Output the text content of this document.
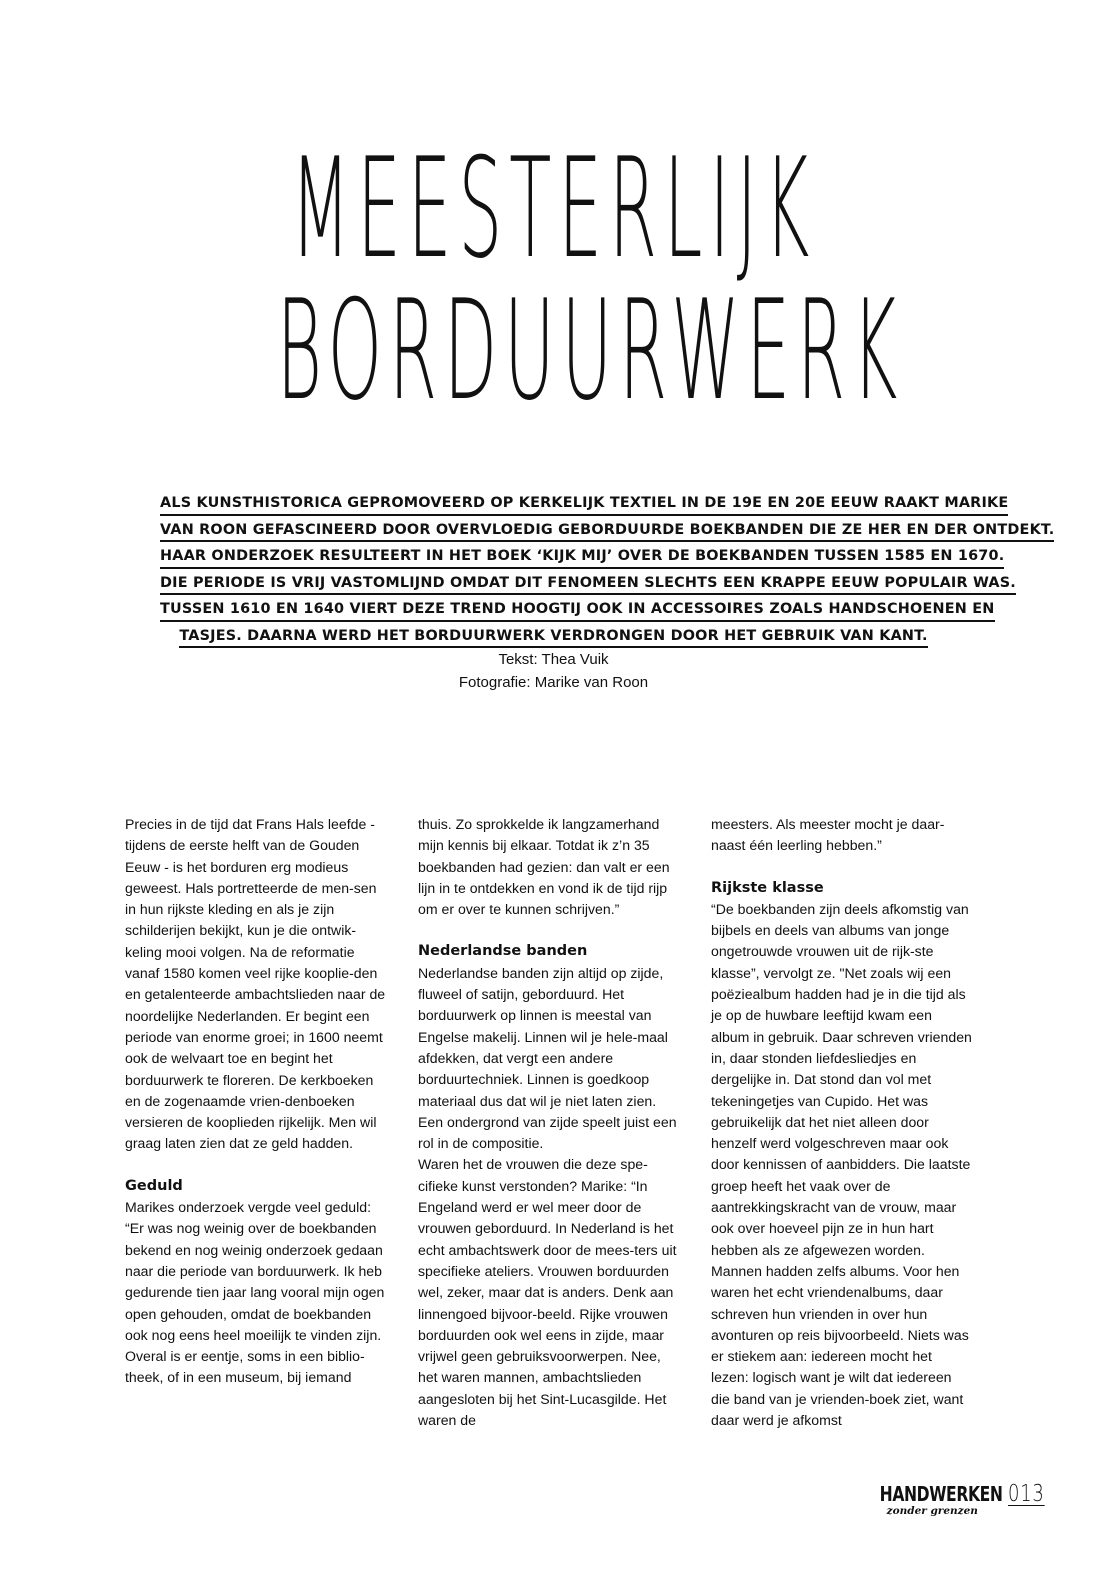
MEESTERLIJK
BORDUURWERK
ALS KUNSTHISTORICA GEPROMOVEERD OP KERKELIJK TEXTIEL IN DE 19E EN 20E EEUW RAAKT MARIKE
VAN ROON GEFASCINEERD DOOR OVERVLOEDIG GEBORDUURDE BOEKBANDEN DIE ZE HER EN DER ONTDEKT.
HAAR ONDERZOEK RESULTEERT IN HET BOEK ‘KIJK MIJ’ OVER DE BOEKBANDEN TUSSEN 1585 EN 1670.
DIE PERIODE IS VRIJ VASTOMLIJND OMDAT DIT FENOMEEN SLECHTS EEN KRAPPE EEUW POPULAIR WAS.
TUSSEN 1610 EN 1640 VIERT DEZE TREND HOOGTIJ OOK IN ACCESSOIRES ZOALS HANDSCHOENEN EN
TASJES. DAARNA WERD HET BORDUURWERK VERDRONGEN DOOR HET GEBRUIK VAN KANT.
Tekst: Thea Vuik
Fotografie: Marike van Roon

Precies in de tijd dat Frans Hals leefde - tijdens de eerste helft van de Gouden Eeuw - is het borduren erg modieus geweest. Hals portretteerde de men-sen in hun rijkste kleding en als je zijn schilderijen bekijkt, kun je die ontwik-keling mooi volgen. Na de reformatie vanaf 1580 komen veel rijke kooplie-den en getalenteerde ambachtslieden naar de noordelijke Nederlanden. Er begint een periode van enorme groei; in 1600 neemt ook de welvaart toe en begint het borduurwerk te floreren. De kerkboeken en de zogenaamde vrien-denboeken versieren de kooplieden rijkelijk. Men wil graag laten zien dat ze geld hadden.

Geduld

Marikes onderzoek vergde veel geduld: “Er was nog weinig over de boekbanden bekend en nog weinig onderzoek gedaan naar die periode van borduurwerk. Ik heb gedurende tien jaar lang vooral mijn ogen open gehouden, omdat de boekbanden ook nog eens heel moeilijk te vinden zijn. Overal is er eentje, soms in een biblio-theek, of in een museum, bij iemand

thuis. Zo sprokkelde ik langzamerhand mijn kennis bij elkaar. Totdat ik z’n 35 boekbanden had gezien: dan valt er een lijn in te ontdekken en vond ik de tijd rijp om er over te kunnen schrijven.”

Nederlandse banden

Nederlandse banden zijn altijd op zijde, fluweel of satijn, geborduurd. Het borduurwerk op linnen is meestal van Engelse makelij. Linnen wil je hele-maal afdekken, dat vergt een andere borduurtechniek. Linnen is goedkoop materiaal dus dat wil je niet laten zien. Een ondergrond van zijde speelt juist een rol in de compositie.

Waren het de vrouwen die deze spe-cifieke kunst verstonden? Marike: “In Engeland werd er wel meer door de vrouwen geborduurd. In Nederland is het echt ambachtswerk door de mees-ters uit specifieke ateliers. Vrouwen borduurden wel, zeker, maar dat is anders. Denk aan linnengoed bijvoor-beeld. Rijke vrouwen borduurden ook wel eens in zijde, maar vrijwel geen gebruiksvoorwerpen. Nee, het waren mannen, ambachtslieden aangesloten bij het Sint-Lucasgilde. Het waren de

meesters. Als meester mocht je daar-naast één leerling hebben.”

Rijkste klasse

“De boekbanden zijn deels afkomstig van bijbels en deels van albums van jonge ongetrouwde vrouwen uit de rijk-ste klasse”, vervolgt ze. "Net zoals wij een poëziealbum hadden had je in die tijd als je op de huwbare leeftijd kwam een album in gebruik. Daar schreven vrienden in, daar stonden liefdesliedjes en dergelijke in. Dat stond dan vol met tekeningetjes van Cupido. Het was gebruikelijk dat het niet alleen door henzelf werd volgeschreven maar ook door kennissen of aanbidders. Die laatste groep heeft het vaak over de aantrekkingskracht van de vrouw, maar ook over hoeveel pijn ze in hun hart hebben als ze afgewezen worden. Mannen hadden zelfs albums. Voor hen waren het echt vriendenalbums, daar schreven hun vrienden in over hun avonturen op reis bijvoorbeeld. Niets was er stiekem aan: iedereen mocht het lezen: logisch want je wilt dat iedereen die band van je vrienden-boek ziet, want daar werd je afkomst

HANDWERKEN
zonder grenzen
013
